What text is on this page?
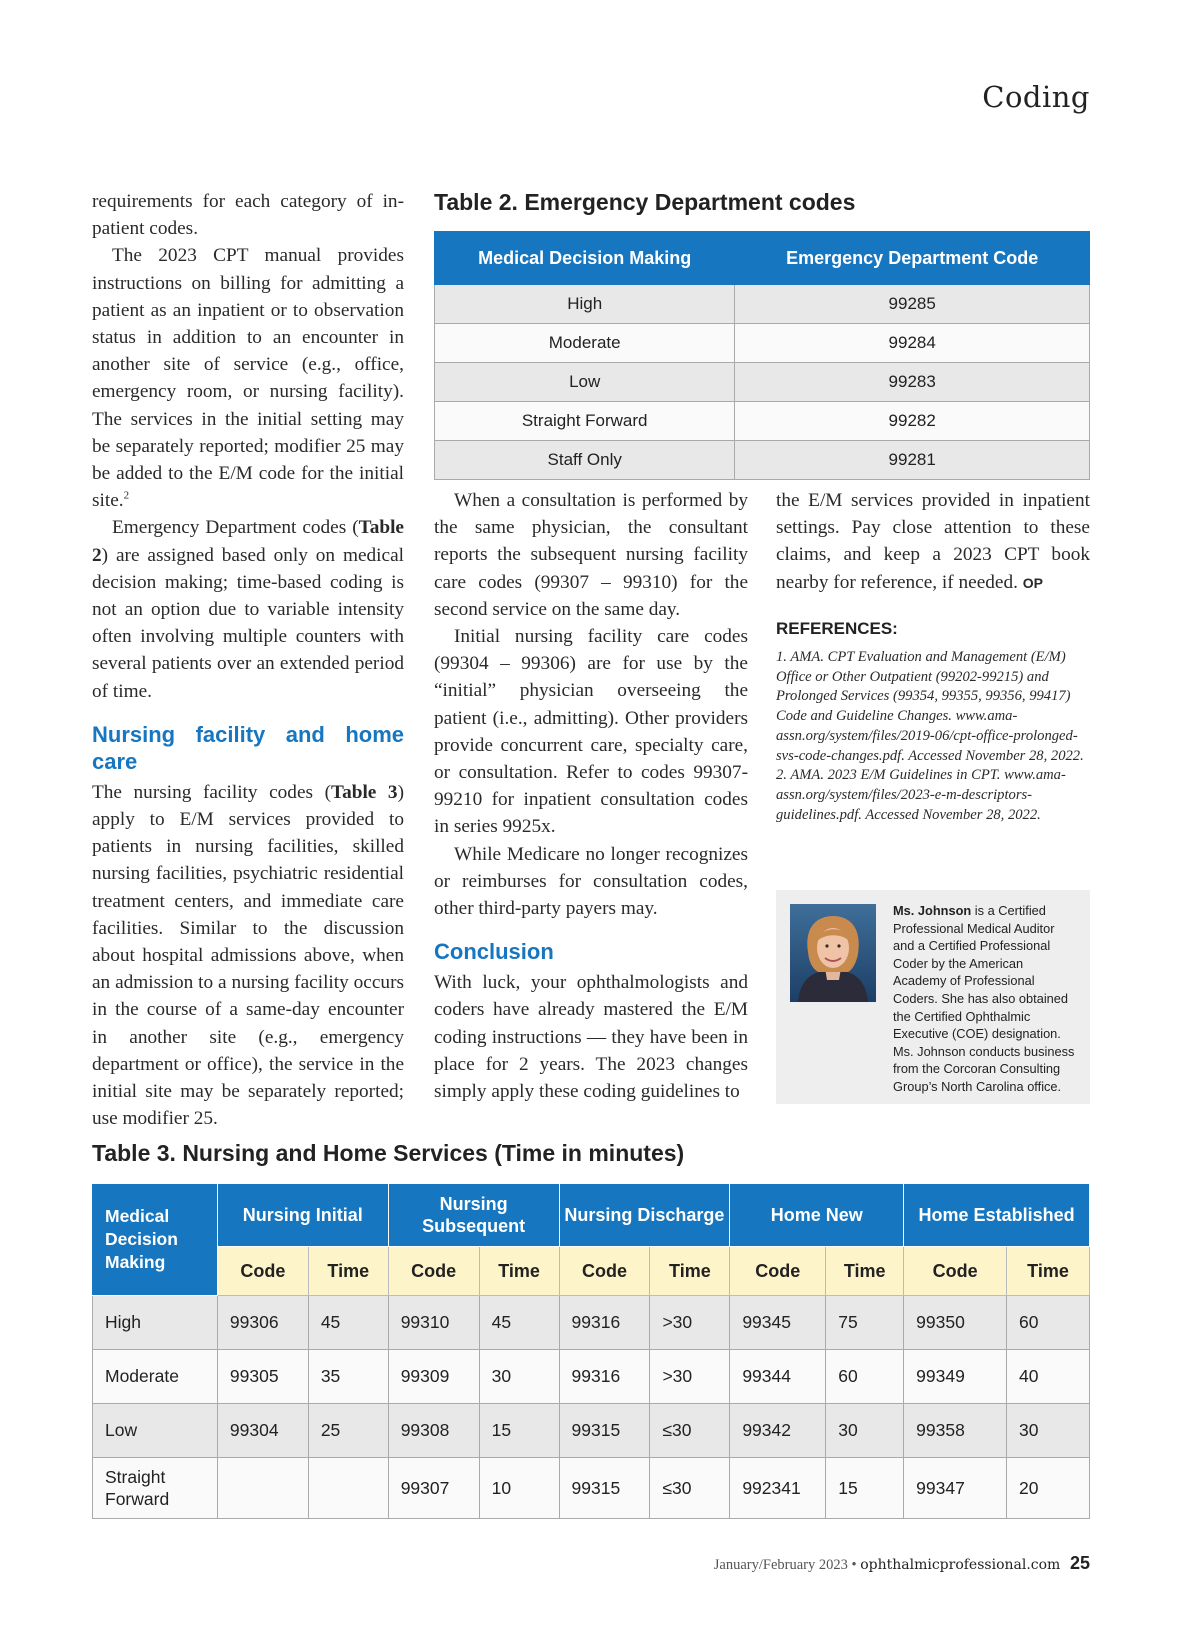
Coding

requirements for each category of in-patient codes.

The 2023 CPT manual provides instructions on billing for admitting a patient as an inpatient or to observation status in addition to an encounter in another site of service (e.g., office, emergency room, or nursing facility). The services in the initial setting may be separately reported; modifier 25 may be added to the E/M code for the initial site.$^2$

Emergency Department codes (Table 2) are assigned based only on medical decision making; time-based coding is not an option due to variable intensity often involving multiple counters with several patients over an extended period of time.

Nursing facility and home care

The nursing facility codes (Table 3) apply to E/M services provided to patients in nursing facilities, skilled nursing facilities, psychiatric residential treatment centers, and immediate care facilities. Similar to the discussion about hospital admissions above, when an admission to a nursing facility occurs in the course of a same-day encounter in another site (e.g., emergency department or office), the service in the initial site may be separately reported; use modifier 25.

Table 2. Emergency Department codes
Medical Decision Making	Emergency Department Code
High	99285
Moderate	99284
Low	99283
Straight Forward	99282
Staff Only	99281

When a consultation is performed by the same physician, the consultant reports the subsequent nursing facility care codes (99307 – 99310) for the second service on the same day.

Initial nursing facility care codes (99304 – 99306) are for use by the “initial” physician overseeing the patient (i.e., admitting). Other providers provide concurrent care, specialty care, or consultation. Refer to codes 99307-99210 for inpatient consultation codes in series 9925x.

While Medicare no longer recognizes or reimburses for consultation codes, other third-party payers may.

Conclusion

With luck, your ophthalmologists and coders have already mastered the E/M coding instructions — they have been in place for 2 years. The 2023 changes simply apply these coding guidelines to

the E/M services provided in inpatient settings. Pay close attention to these claims, and keep a 2023 CPT book nearby for reference, if needed. OP

REFERENCES:

1. AMA. CPT Evaluation and Management (E/M) Office or Other Outpatient (99202-99215) and Prolonged Services (99354, 99355, 99356, 99417) Code and Guideline Changes. www.ama-assn.org/system/files/2019-06/cpt-office-prolonged-svs-code-changes.pdf. Accessed November 28, 2022.

2. AMA. 2023 E/M Guidelines in CPT. www.ama-assn.org/system/files/2023-e-m-descriptors-guidelines.pdf. Accessed November 28, 2022.

Ms. Johnson is a Certified Professional Medical Auditor and a Certified Professional Coder by the American Academy of Professional Coders. She has also obtained the Certified Ophthalmic Executive (COE) designation. Ms. Johnson conducts business from the Corcoran Consulting Group’s North Carolina office.
Table 3. Nursing and Home Services (Time in minutes)
Medical Decision Making	Nursing Initial		Nursing Subsequent		Nursing Discharge		Home New		Home Established	
	Code	Time	Code	Time	Code	Time	Code	Time	Code	Time
High	99306	45	99310	45	99316	>30	99345	75	99350	60
Moderate	99305	35	99309	30	99316	>30	99344	60	99349	40
Low	99304	25	99308	15	99315	≤30	99342	30	99358	30
Straight Forward			99307	10	99315	≤30	992341	15	99347	20
January/February 2023 • ophthalmicprofessional.com 25
